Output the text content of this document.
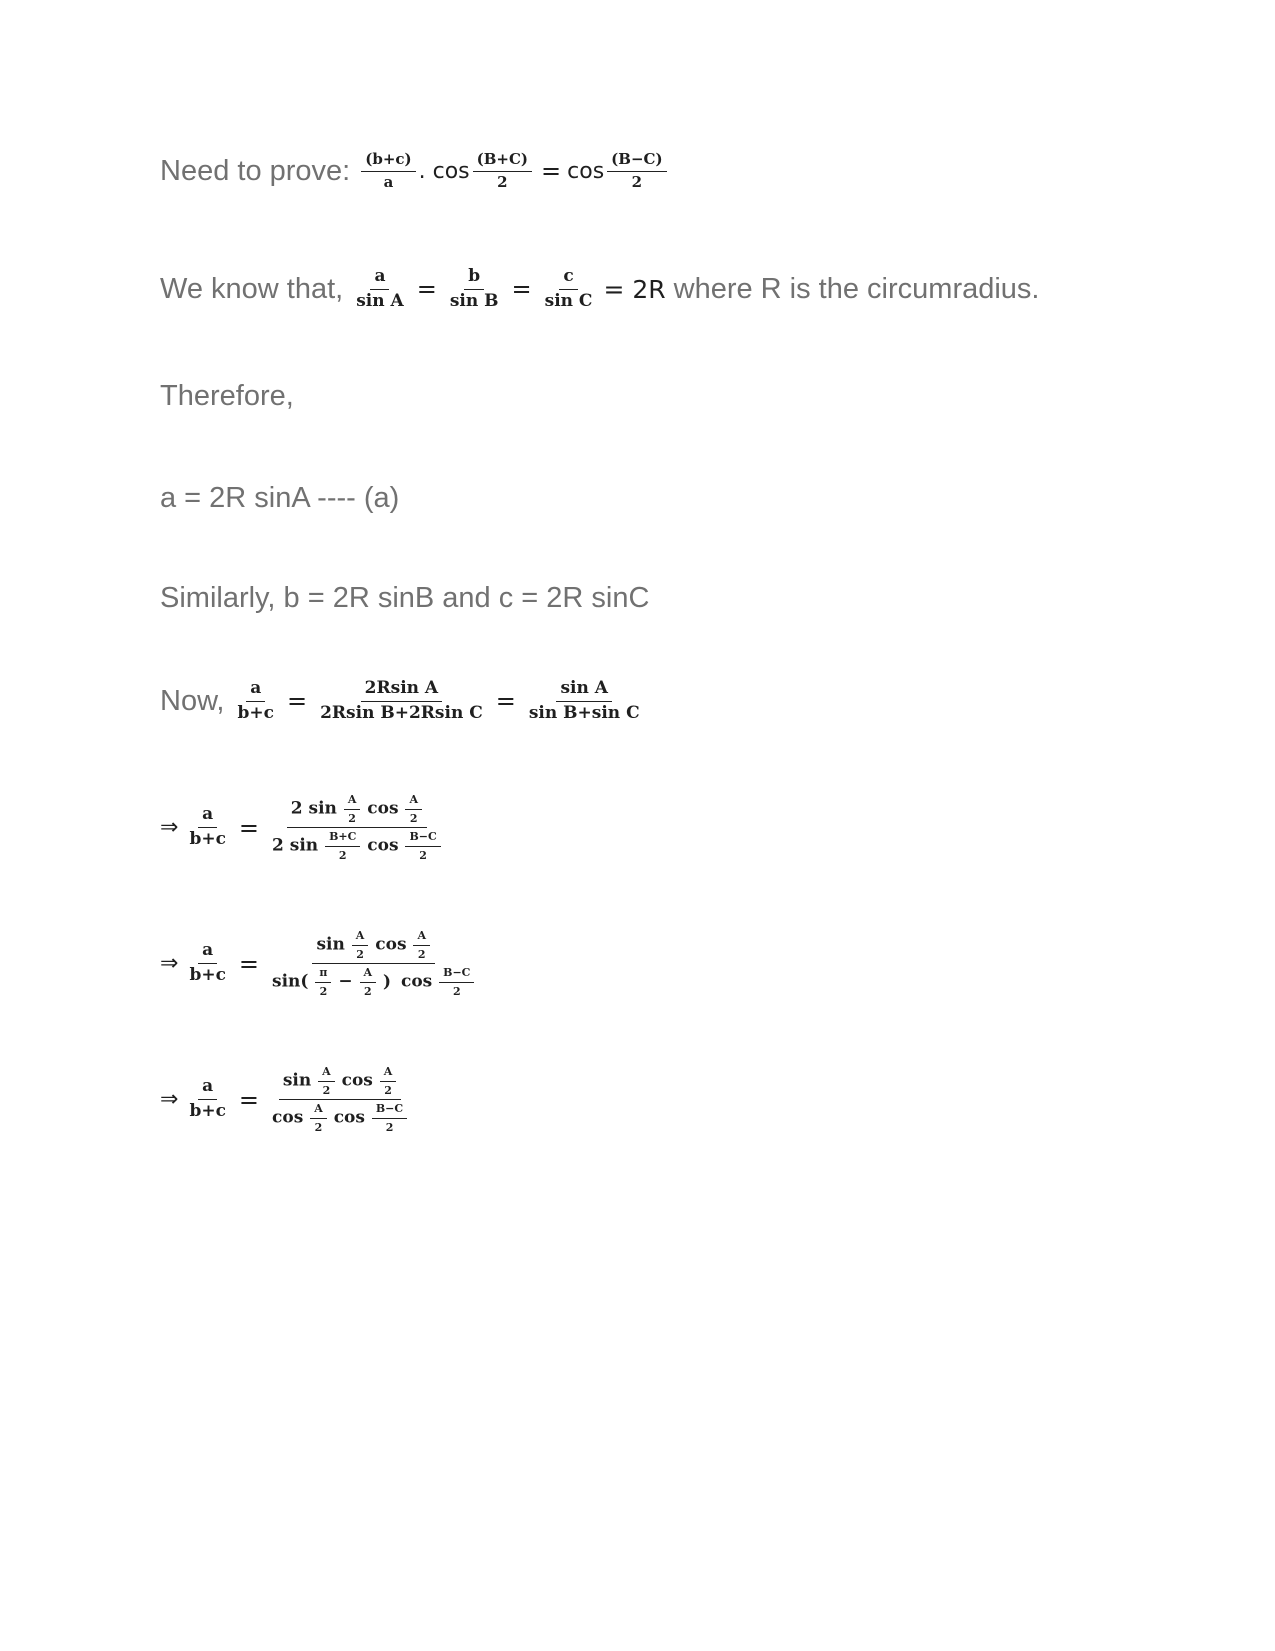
Need to prove: $\frac{(b+c)}{a}$ . $\cos \frac{(B+C)}{2} = \cos \frac{(B-C)}{2}$
We know that, $\frac{a}{\text{sin A}} = \frac{b}{\text{sin B}} = \frac{c}{\text{sin C}} = 2R$ where R is the circumradius.
Therefore,
a = 2R sinA ---- (a)
Similarly, b = 2R sinB and c = 2R sinC
Now, $\frac{a}{b+c} = \frac{\text{2Rsin A}}{\text{2Rsin B+2Rsin C}} = \frac{\text{sin A}}{\text{sin B+sin C}}$
⇒ $\frac{a}{b+c}$ =
2 $\sin \frac{A}{2}$ $\cos \frac{A}{2}$
2 $\sin \frac{B+C}{2}$ $\cos \frac{B-C}{2}$
⇒ $\frac{a}{b+c}$ =
$\sin \frac{A}{2}$ $\cos \frac{A}{2}$
$\sin( \frac{\pi}{2} - \frac{A}{2}$ ) $\cos \frac{B-C}{2}$
⇒ $\frac{a}{b+c}$ =
$\sin \frac{A}{2}$ $\cos \frac{A}{2}$
$\cos \frac{A}{2}$ $\cos \frac{B-C}{2}$
